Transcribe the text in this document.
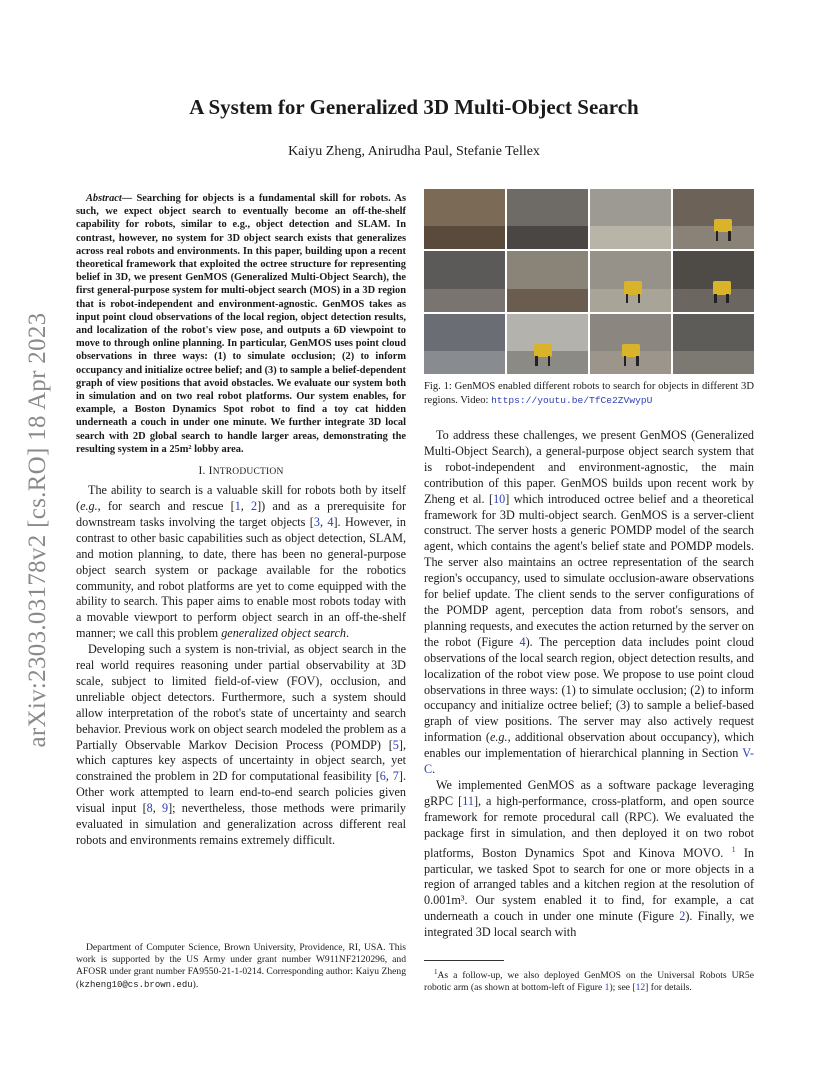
arXiv:2303.03178v2 [cs.RO] 18 Apr 2023
A System for Generalized 3D Multi-Object Search
Kaiyu Zheng, Anirudha Paul, Stefanie Tellex

Abstract— Searching for objects is a fundamental skill for robots. As such, we expect object search to eventually become an off-the-shelf capability for robots, similar to e.g., object detection and SLAM. In contrast, however, no system for 3D object search exists that generalizes across real robots and environments. In this paper, building upon a recent theoretical framework that exploited the octree structure for representing belief in 3D, we present GenMOS (Generalized Multi-Object Search), the first general-purpose system for multi-object search (MOS) in a 3D region that is robot-independent and environment-agnostic. GenMOS takes as input point cloud observations of the local region, object detection results, and localization of the robot's view pose, and outputs a 6D viewpoint to move to through online planning. In particular, GenMOS uses point cloud observations in three ways: (1) to simulate occlusion; (2) to inform occupancy and initialize octree belief; and (3) to sample a belief-dependent graph of view positions that avoid obstacles. We evaluate our system both in simulation and on two real robot platforms. Our system enables, for example, a Boston Dynamics Spot robot to find a toy cat hidden underneath a couch in under one minute. We further integrate 3D local search with 2D global search to handle larger areas, demonstrating the resulting system in a 25m² lobby area.

I. INTRODUCTION

The ability to search is a valuable skill for robots both by itself (e.g., for search and rescue [1, 2]) and as a prerequisite for downstream tasks involving the target objects [3, 4]. However, in contrast to other basic capabilities such as object detection, SLAM, and motion planning, to date, there has been no general-purpose object search system or package available for the robotics community, and robot platforms are yet to come equipped with the ability to search. This paper aims to enable most robots today with a movable viewport to perform object search in an off-the-shelf manner; we call this problem generalized object search.

Developing such a system is non-trivial, as object search in the real world requires reasoning under partial observability at 3D scale, subject to limited field-of-view (FOV), occlusion, and unreliable object detectors. Furthermore, such a system should allow interpretation of the robot's state of uncertainty and search behavior. Previous work on object search modeled the problem as a Partially Observable Markov Decision Process (POMDP) [5], which captures key aspects of uncertainty in object search, yet constrained the problem in 2D for computational feasibility [6, 7]. Other work attempted to learn end-to-end search policies given visual input [8, 9]; nevertheless, those methods were primarily evaluated in simulation and generalization across different real robots and environments remains extremely difficult.

Department of Computer Science, Brown University, Providence, RI, USA. This work is supported by the US Army under grant number W911NF2120296, and AFOSR under grant number FA9550-21-1-0214. Corresponding author: Kaiyu Zheng (kzheng10@cs.brown.edu).

Fig. 1: GenMOS enabled different robots to search for objects in different 3D regions. Video: https://youtu.be/TfCe2ZVwypU

To address these challenges, we present GenMOS (Generalized Multi-Object Search), a general-purpose object search system that is robot-independent and environment-agnostic, the main contribution of this paper. GenMOS builds upon recent work by Zheng et al. [10] which introduced octree belief and a theoretical framework for 3D multi-object search. GenMOS is a server-client construct. The server hosts a generic POMDP model of the search agent, which contains the agent's belief state and POMDP models. The server also maintains an octree representation of the search region's occupancy, used to simulate occlusion-aware observations for belief update. The client sends to the server configurations of the POMDP agent, perception data from robot's sensors, and planning requests, and executes the action returned by the server on the robot (Figure 4). The perception data includes point cloud observations of the local search region, object detection results, and localization of the robot view pose. We propose to use point cloud observations in three ways: (1) to simulate occlusion; (2) to inform occupancy and initialize octree belief; (3) to sample a belief-based graph of view positions. The server may also actively request information (e.g., additional observation about occupancy), which enables our implementation of hierarchical planning in Section V-C.

We implemented GenMOS as a software package leveraging gRPC [11], a high-performance, cross-platform, and open source framework for remote procedural call (RPC). We evaluated the package first in simulation, and then deployed it on two robot platforms, Boston Dynamics Spot and Kinova MOVO. $^1$ In particular, we tasked Spot to search for one or more objects in a region of arranged tables and a kitchen region at the resolution of 0.001m³. Our system enabled it to find, for example, a cat underneath a couch in under one minute (Figure 2). Finally, we integrated 3D local search with

$^1$As a follow-up, we also deployed GenMOS on the Universal Robots UR5e robotic arm (as shown at bottom-left of Figure 1); see [12] for details.
